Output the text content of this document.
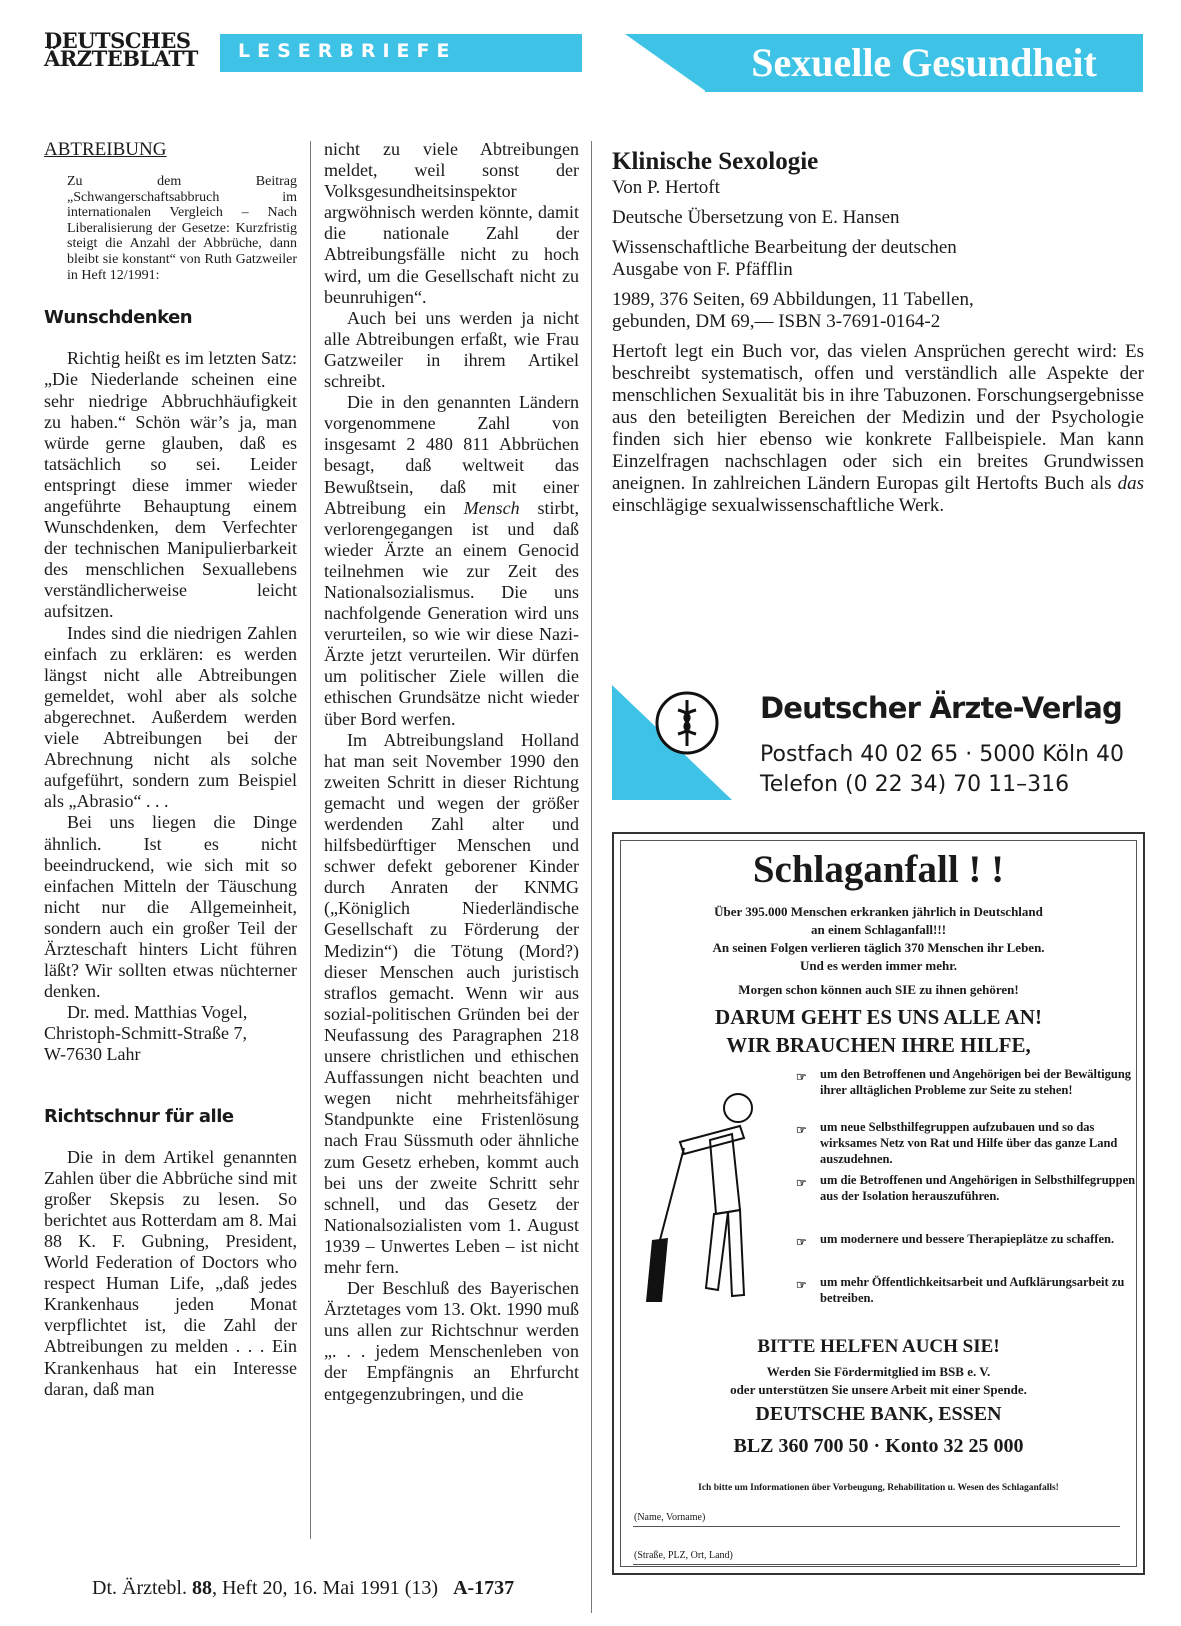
DEUTSCHES
ÄRZTEBLATT	LESERBRIEFE	Sexuelle Gesundheit
ABTREIBUNG

Zu dem Beitrag „Schwangerschaftsabbruch im internationalen Vergleich – Nach Liberalisierung der Gesetze: Kurzfristig steigt die Anzahl der Abbrüche, dann bleibt sie konstant“ von Ruth Gatzweiler in Heft 12/1991:

Wunschdenken

Richtig heißt es im letzten Satz: „Die Niederlande scheinen eine sehr niedrige Abbruchhäufigkeit zu haben.“ Schön wär’s ja, man würde gerne glauben, daß es tatsächlich so sei. Leider entspringt diese immer wieder angeführte Behauptung einem Wunschdenken, dem Verfechter der technischen Manipulierbarkeit des menschlichen Sexuallebens verständlicherweise leicht aufsitzen.

Indes sind die niedrigen Zahlen einfach zu erklären: es werden längst nicht alle Abtreibungen gemeldet, wohl aber als solche abgerechnet. Außerdem werden viele Abtreibungen bei der Abrechnung nicht als solche aufgeführt, sondern zum Beispiel als „Abrasio“ . . .

Bei uns liegen die Dinge ähnlich. Ist es nicht beeindruckend, wie sich mit so einfachen Mitteln der Täuschung nicht nur die Allgemeinheit, sondern auch ein großer Teil der Ärzteschaft hinters Licht führen läßt? Wir sollten etwas nüchterner denken.

Dr. med. Matthias Vogel,

Christoph-Schmitt-Straße 7,

W-7630 Lahr

Richtschnur für alle

Die in dem Artikel genannten Zahlen über die Abbrüche sind mit großer Skepsis zu lesen. So berichtet aus Rotterdam am 8. Mai 88 K. F. Gubning, President, World Federation of Doctors who respect Human Life, „daß jedes Krankenhaus jeden Monat verpflichtet ist, die Zahl der Abtreibungen zu melden . . . Ein Krankenhaus hat ein Interesse daran, daß man

nicht zu viele Abtreibungen meldet, weil sonst der Volksgesundheitsinspektor argwöhnisch werden könnte, damit die nationale Zahl der Abtreibungsfälle nicht zu hoch wird, um die Gesellschaft nicht zu beunruhigen“.

Auch bei uns werden ja nicht alle Abtreibungen erfaßt, wie Frau Gatzweiler in ihrem Artikel schreibt.

Die in den genannten Ländern vorgenommene Zahl von insgesamt 2 480 811 Abbrüchen besagt, daß weltweit das Bewußtsein, daß mit einer Abtreibung ein Mensch stirbt, verlorengegangen ist und daß wieder Ärzte an einem Genocid teilnehmen wie zur Zeit des Nationalsozialismus. Die uns nachfolgende Generation wird uns verurteilen, so wie wir diese Nazi-Ärzte jetzt verurteilen. Wir dürfen um politischer Ziele willen die ethischen Grundsätze nicht wieder über Bord werfen.

Im Abtreibungsland Holland hat man seit November 1990 den zweiten Schritt in dieser Richtung gemacht und wegen der größer werdenden Zahl alter und hilfsbedürftiger Menschen und schwer defekt geborener Kinder durch Anraten der KNMG („Königlich Niederländische Gesellschaft zu Förderung der Medizin“) die Tötung (Mord?) dieser Menschen auch juristisch straflos gemacht. Wenn wir aus sozial-politischen Gründen bei der Neufassung des Paragraphen 218 unsere christlichen und ethischen Auffassungen nicht beachten und wegen nicht mehrheitsfähiger Standpunkte eine Fristenlösung nach Frau Süssmuth oder ähnliche zum Gesetz erheben, kommt auch bei uns der zweite Schritt sehr schnell, und das Gesetz der Nationalsozialisten vom 1. August 1939 – Unwertes Leben – ist nicht mehr fern.

Der Beschluß des Bayerischen Ärztetages vom 13. Okt. 1990 muß uns allen zur Richtschnur werden „. . . jedem Menschenleben von der Empfängnis an Ehrfurcht entgegenzubringen, und die

Klinische Sexologie
Von P. Hertoft
Deutsche Übersetzung von E. Hansen
Wissenschaftliche Bearbeitung der deutschen
Ausgabe von F. Pfäfflin
1989, 376 Seiten, 69 Abbildungen, 11 Tabellen,
gebunden, DM 69,— ISBN 3-7691-0164-2
Hertoft legt ein Buch vor, das vielen Ansprüchen gerecht wird: Es beschreibt systematisch, offen und verständlich alle Aspekte der menschlichen Sexualität bis in ihre Tabuzonen. Forschungsergebnisse aus den beteiligten Bereichen der Medizin und der Psychologie finden sich hier ebenso wie konkrete Fallbeispiele. Man kann Einzelfragen nachschlagen oder sich ein breites Grundwissen aneignen. In zahlreichen Ländern Europas gilt Hertofts Buch als das einschlägige sexualwissenschaftliche Werk.
Deutscher Ärzte-Verlag
Postfach 40 02 65 · 5000 Köln 40
Telefon (0 22 34) 70 11–316
Schlaganfall ! !
Über 395.000 Menschen erkranken jährlich in Deutschland
an einem Schlaganfall!!!
An seinen Folgen verlieren täglich 370 Menschen ihr Leben.
Und es werden immer mehr.
Morgen schon können auch SIE zu ihnen gehören!
DARUM GEHT ES UNS ALLE AN!
WIR BRAUCHEN IHRE HILFE,
☞ um den Betroffenen und Angehörigen bei der Bewältigung ihrer alltäglichen Probleme zur Seite zu stehen!
☞ um neue Selbsthilfegruppen aufzubauen und so das wirksames Netz von Rat und Hilfe über das ganze Land auszudehnen.
☞ um die Betroffenen und Angehörigen in Selbsthilfegruppen aus der Isolation herauszuführen.
☞ um modernere und bessere Therapieplätze zu schaffen.
☞ um mehr Öffentlichkeitsarbeit und Aufklärungsarbeit zu betreiben.
BITTE HELFEN AUCH SIE!
Werden Sie Fördermitglied im BSB e. V.
oder unterstützen Sie unsere Arbeit mit einer Spende.
DEUTSCHE BANK, ESSEN
BLZ 360 700 50 · Konto 32 25 000
Ich bitte um Informationen über Vorbeugung, Rehabilitation u. Wesen des Schlaganfalls!
(Name, Vorname)
(Straße, PLZ, Ort, Land)
Dt. Ärztebl. 88, Heft 20, 16. Mai 1991 (13) A-1737
